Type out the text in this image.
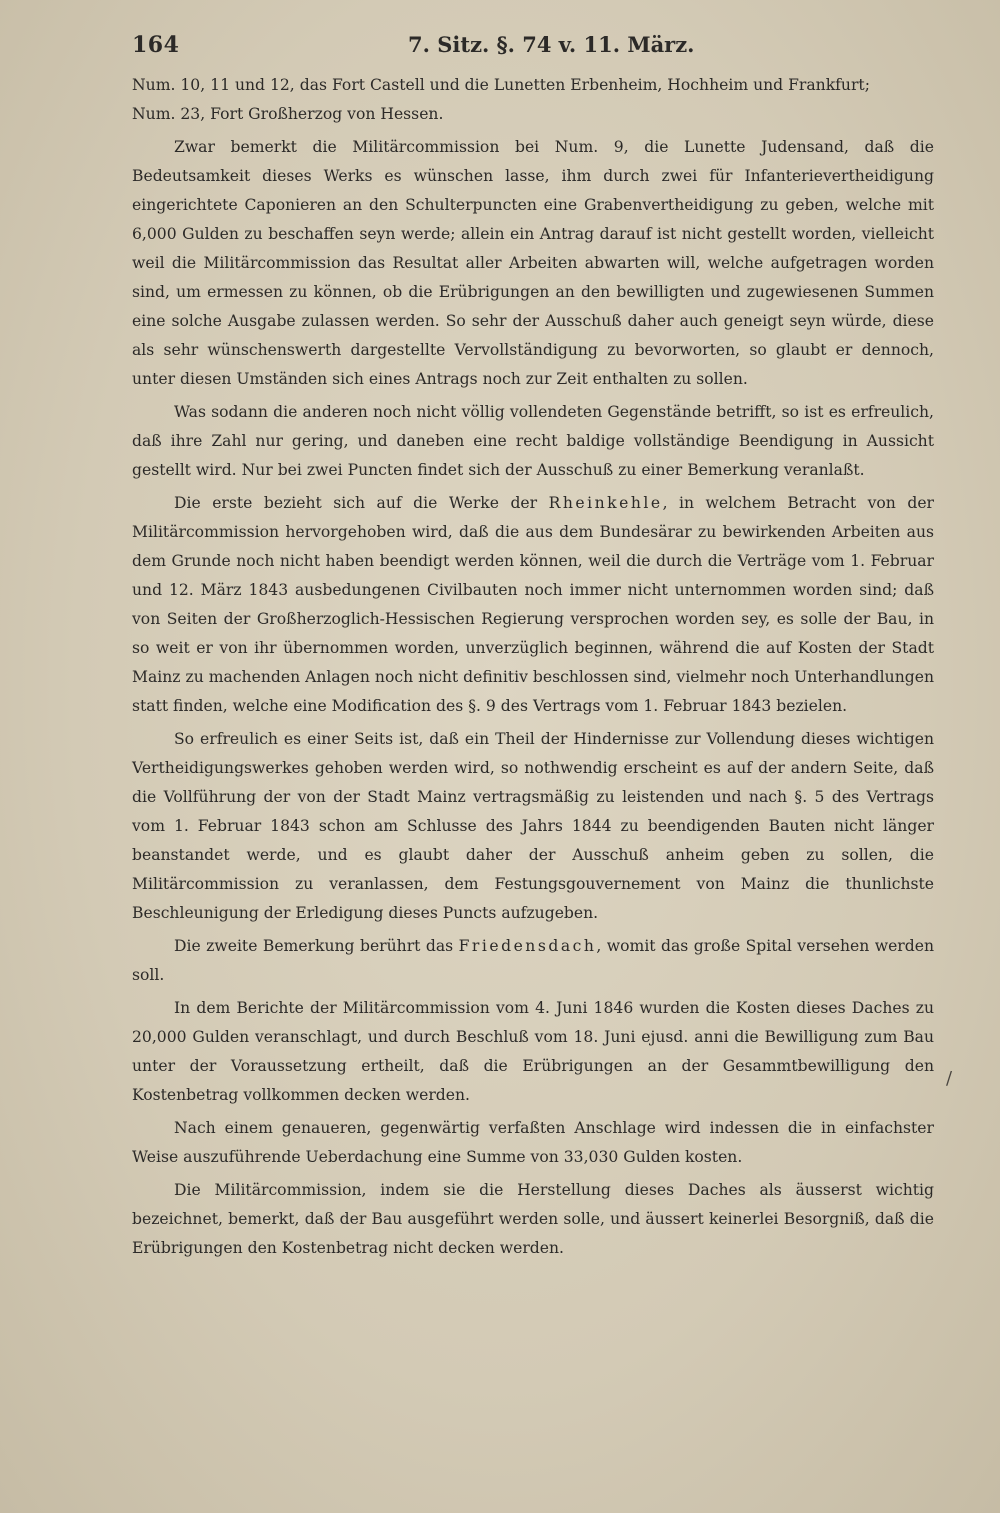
164	7. Sitz. §. 74 v. 11. März.

Num. 10, 11 und 12, das Fort Castell und die Lunetten Erbenheim, Hochheim und Frankfurt;

Num. 23, Fort Großherzog von Hessen.

Zwar bemerkt die Militärcommission bei Num. 9, die Lunette Judensand, daß die Bedeutsamkeit dieses Werks es wünschen lasse, ihm durch zwei für Infanterievertheidigung eingerichtete Caponieren an den Schulterpuncten eine Grabenvertheidigung zu geben, welche mit 6,000 Gulden zu beschaffen seyn werde; allein ein Antrag darauf ist nicht gestellt worden, vielleicht weil die Militärcommission das Resultat aller Arbeiten abwarten will, welche aufgetragen worden sind, um ermessen zu können, ob die Erübrigungen an den bewilligten und zugewiesenen Summen eine solche Ausgabe zulassen werden. So sehr der Ausschuß daher auch geneigt seyn würde, diese als sehr wünschenswerth dargestellte Vervollständigung zu bevorworten, so glaubt er dennoch, unter diesen Umständen sich eines Antrags noch zur Zeit enthalten zu sollen.

Was sodann die anderen noch nicht völlig vollendeten Gegenstände betrifft, so ist es erfreulich, daß ihre Zahl nur gering, und daneben eine recht baldige vollständige Beendigung in Aussicht gestellt wird. Nur bei zwei Puncten findet sich der Ausschuß zu einer Bemerkung veranlaßt.

Die erste bezieht sich auf die Werke der Rheinkehle, in welchem Betracht von der Militärcommission hervorgehoben wird, daß die aus dem Bundesärar zu bewirkenden Arbeiten aus dem Grunde noch nicht haben beendigt werden können, weil die durch die Verträge vom 1. Februar und 12. März 1843 ausbedungenen Civilbauten noch immer nicht unternommen worden sind; daß von Seiten der Großherzoglich-Hessischen Regierung versprochen worden sey, es solle der Bau, in so weit er von ihr übernommen worden, unverzüglich beginnen, während die auf Kosten der Stadt Mainz zu machenden Anlagen noch nicht definitiv beschlossen sind, vielmehr noch Unterhandlungen statt finden, welche eine Modification des §. 9 des Vertrags vom 1. Februar 1843 bezielen.

So erfreulich es einer Seits ist, daß ein Theil der Hindernisse zur Vollendung dieses wichtigen Vertheidigungswerkes gehoben werden wird, so nothwendig erscheint es auf der andern Seite, daß die Vollführung der von der Stadt Mainz vertragsmäßig zu leistenden und nach §. 5 des Vertrags vom 1. Februar 1843 schon am Schlusse des Jahrs 1844 zu beendigenden Bauten nicht länger beanstandet werde, und es glaubt daher der Ausschuß anheim geben zu sollen, die Militärcommission zu veranlassen, dem Festungsgouvernement von Mainz die thunlichste Beschleunigung der Erledigung dieses Puncts aufzugeben.

Die zweite Bemerkung berührt das Friedensdach, womit das große Spital versehen werden soll.

In dem Berichte der Militärcommission vom 4. Juni 1846 wurden die Kosten dieses Daches zu 20,000 Gulden veranschlagt, und durch Beschluß vom 18. Juni ejusd. anni die Bewilligung zum Bau unter der Voraussetzung ertheilt, daß die Erübrigungen an der Gesammtbewilligung den Kostenbetrag vollkommen decken werden.

Nach einem genaueren, gegenwärtig verfaßten Anschlage wird indessen die in einfachster Weise auszuführende Ueberdachung eine Summe von 33,030 Gulden kosten.

Die Militärcommission, indem sie die Herstellung dieses Daches als äusserst wichtig bezeichnet, bemerkt, daß der Bau ausgeführt werden solle, und äussert keinerlei Besorgniß, daß die Erübrigungen den Kostenbetrag nicht decken werden.

/
